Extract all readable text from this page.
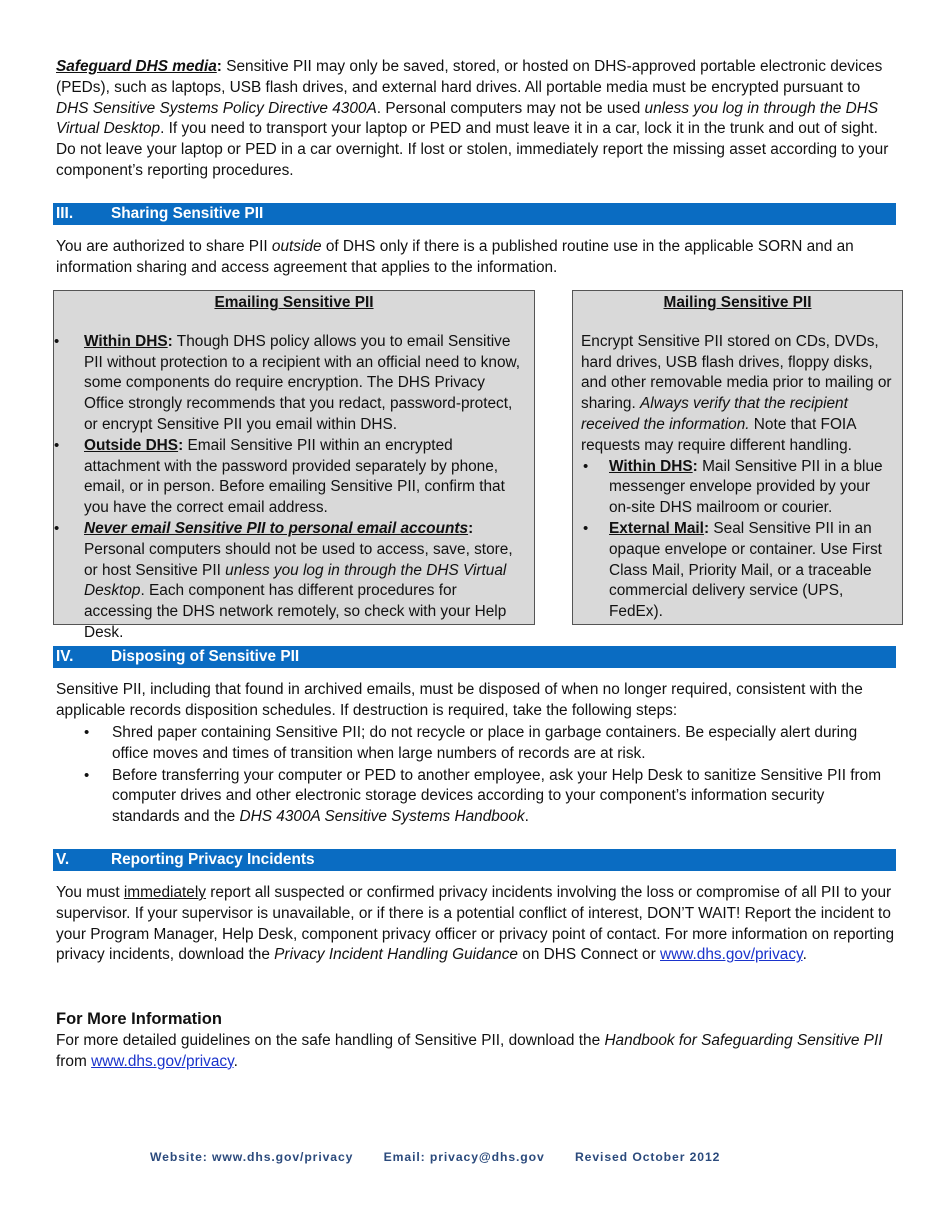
Safeguard DHS media: Sensitive PII may only be saved, stored, or hosted on DHS-approved portable electronic devices (PEDs), such as laptops, USB flash drives, and external hard drives. All portable media must be encrypted pursuant to DHS Sensitive Systems Policy Directive 4300A. Personal computers may not be used unless you log in through the DHS Virtual Desktop. If you need to transport your laptop or PED and must leave it in a car, lock it in the trunk and out of sight. Do not leave your laptop or PED in a car overnight. If lost or stolen, immediately report the missing asset according to your component’s reporting procedures.

III. Sharing Sensitive PII

You are authorized to share PII outside of DHS only if there is a published routine use in the applicable SORN and an information sharing and access agreement that applies to the information.

Emailing Sensitive PII
• Within DHS: Though DHS policy allows you to email Sensitive PII without protection to a recipient with an official need to know, some components do require encryption. The DHS Privacy Office strongly recommends that you redact, password-protect, or encrypt Sensitive PII you email within DHS.
• Outside DHS: Email Sensitive PII within an encrypted attachment with the password provided separately by phone, email, or in person. Before emailing Sensitive PII, confirm that you have the correct email address.
• Never email Sensitive PII to personal email accounts: Personal computers should not be used to access, save, store, or host Sensitive PII unless you log in through the DHS Virtual Desktop. Each component has different procedures for accessing the DHS network remotely, so check with your Help Desk.
Mailing Sensitive PII

Encrypt Sensitive PII stored on CDs, DVDs, hard drives, USB flash drives, floppy disks, and other removable media prior to mailing or sharing. Always verify that the recipient received the information. Note that FOIA requests may require different handling.

• Within DHS: Mail Sensitive PII in a blue messenger envelope provided by your on-site DHS mailroom or courier.
• External Mail: Seal Sensitive PII in an opaque envelope or container. Use First Class Mail, Priority Mail, or a traceable commercial delivery service (UPS, FedEx).
IV. Disposing of Sensitive PII

Sensitive PII, including that found in archived emails, must be disposed of when no longer required, consistent with the applicable records disposition schedules. If destruction is required, take the following steps:

• Shred paper containing Sensitive PII; do not recycle or place in garbage containers. Be especially alert during office moves and times of transition when large numbers of records are at risk.
• Before transferring your computer or PED to another employee, ask your Help Desk to sanitize Sensitive PII from computer drives and other electronic storage devices according to your component’s information security standards and the DHS 4300A Sensitive Systems Handbook.
V.	Reporting Privacy Incidents

You must immediately report all suspected or confirmed privacy incidents involving the loss or compromise of all PII to your supervisor. If your supervisor is unavailable, or if there is a potential conflict of interest, DON’T WAIT! Report the incident to your Program Manager, Help Desk, component privacy officer or privacy point of contact. For more information on reporting privacy incidents, download the Privacy Incident Handling Guidance on DHS Connect or www.dhs.gov/privacy.

For More Information

For more detailed guidelines on the safe handling of Sensitive PII, download the Handbook for Safeguarding Sensitive PII from www.dhs.gov/privacy.

Website: www.dhs.gov/privacy Email: privacy@dhs.gov Revised October 2012
